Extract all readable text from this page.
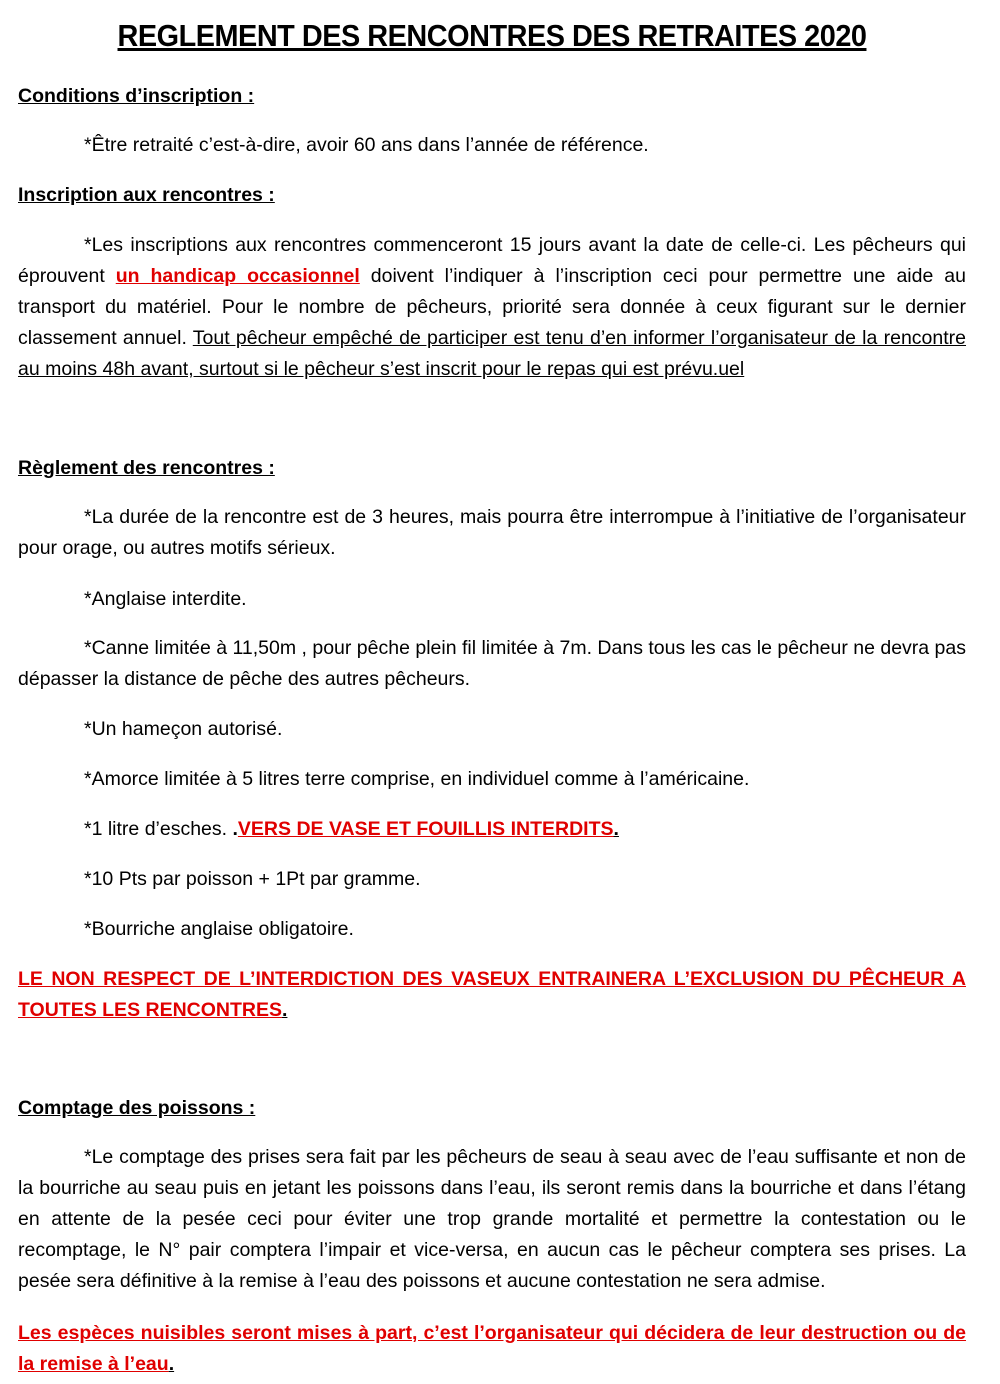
REGLEMENT DES RENCONTRES DES RETRAITES 2020
Conditions d’inscription :
*Être retraité c’est-à-dire, avoir 60 ans dans l’année de référence.
Inscription aux rencontres :
*Les inscriptions aux rencontres commenceront 15 jours avant la date de celle-ci. Les pêcheurs qui éprouvent un handicap occasionnel doivent l’indiquer à l’inscription ceci pour permettre une aide au transport du matériel. Pour le nombre de pêcheurs, priorité sera donnée à ceux figurant sur le dernier classement annuel. Tout pêcheur empêché de participer est tenu d’en informer l’organisateur de la rencontre au moins 48h avant, surtout si le pêcheur s’est inscrit pour le repas qui est prévu.uel
Règlement des rencontres :
*La durée de la rencontre est de 3 heures, mais pourra être interrompue à l’initiative de l’organisateur pour orage, ou autres motifs sérieux.
*Anglaise interdite.
*Canne limitée à 11,50m , pour pêche plein fil limitée à 7m. Dans tous les cas le pêcheur ne devra pas dépasser la distance de pêche des autres pêcheurs.
*Un hameçon autorisé.
*Amorce limitée à 5 litres terre comprise, en individuel comme à l’américaine.
*1 litre d’esches. .VERS DE VASE ET FOUILLIS INTERDITS.
*10 Pts par poisson + 1Pt par gramme.
*Bourriche anglaise obligatoire.
LE NON RESPECT DE L’INTERDICTION DES VASEUX ENTRAINERA L’EXCLUSION DU PÊCHEUR A TOUTES LES RENCONTRES.
Comptage des poissons :
*Le comptage des prises sera fait par les pêcheurs de seau à seau avec de l’eau suffisante et non de la bourriche au seau puis en jetant les poissons dans l’eau, ils seront remis dans la bourriche et dans l’étang en attente de la pesée ceci pour éviter une trop grande mortalité et permettre la contestation ou le recomptage, le N° pair comptera l’impair et vice-versa, en aucun cas le pêcheur comptera ses prises. La pesée sera définitive à la remise à l’eau des poissons et aucune contestation ne sera admise.
Les espèces nuisibles seront mises à part, c’est l’organisateur qui décidera de leur destruction ou de la remise à l’eau.
